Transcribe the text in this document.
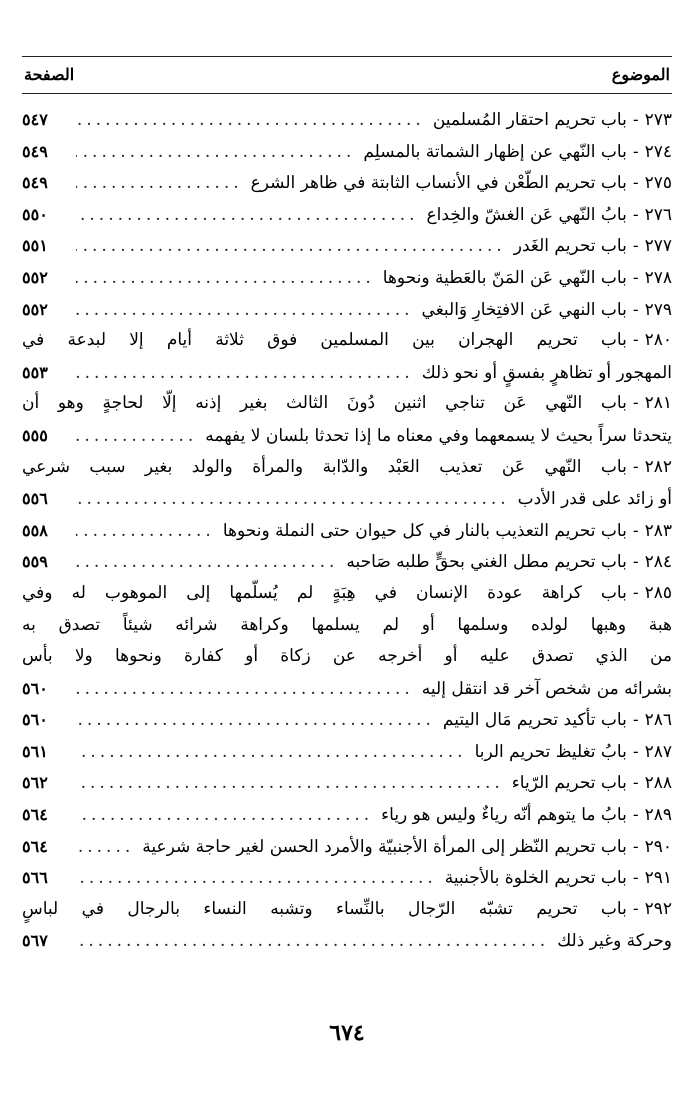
الموضوع
الصفحة
٢٧٣
-
باب تحريم احتقار المُسلمين
.....
٥٤٧
٢٧٤
-
باب النّهي عن إظهار الشماتة بالمسلِم
.....
٥٤٩
٢٧٥
-
باب تحريم الطّعْن في الأنساب الثابتة في ظاهر الشرع
.....
٥٤٩
٢٧٦
-
بابُ النّهي عَن الغشّ والخِداع
.....
٥٥٠
٢٧٧
-
باب تحريم الغَدر
.....
٥٥١
٢٧٨
-
باب النّهي عَن المَنّ بالعَطية ونحوها
.....
٥٥٢
٢٧٩
-
باب النهي عَن الافتِخارِ وَالبغي
.....
٥٥٢
٢٨٠
-
باب تحريم الهجران بين المسلمين فوق ثلاثة أيام إلا لبدعة في
المهجور أو تظاهرٍ بفسقٍ أو نحو ذلك
.....
٥٥٣
٢٨١
-
باب النّهي عَن تناجي اثنين دُونَ الثالث بغير إذنه إلّا لحاجةٍ وهو أن
يتحدثا سراً بحيث لا يسمعهما وفي معناه ما إذا تحدثا بلسان لا يفهمه
.....
٥٥٥
٢٨٢
-
باب النّهي عَن تعذيب العَبْد والدّابة والمرأة والولد بغير سبب شرعي
أو زائد على قدر الأدب
.....
٥٥٦
٢٨٣
-
باب تحريم التعذيب بالنار في كل حيوان حتى النملة ونحوها
.....
٥٥٨
٢٨٤
-
باب تحريم مطل الغني بحقٍّ طلبه صَاحبه
.....
٥٥٩
٢٨٥
-
باب كراهة عودة الإنسان في هِبَةٍ لم يُسلّمها إلى الموهوب له وفي
هبة وهبها لولده وسلمها أو لم يسلمها وكراهة شرائه شيئاً تصدق به
من الذي تصدق عليه أو أخرجه عن زكاة أو كفارة ونحوها ولا بأس
بشرائه من شخص آخر قد انتقل إليه
.....
٥٦٠
٢٨٦
-
باب تأكيد تحريم مَال اليتيم
.....
٥٦٠
٢٨٧
-
بابُ تغليظ تحريم الربا
.....
٥٦١
٢٨٨
-
باب تحريم الرّياء
.....
٥٦٢
٢٨٩
-
بابُ ما يتوهم أنّه رياءٌ وليس هو رياء
.....
٥٦٤
٢٩٠
-
باب تحريم النّظر إلى المرأة الأجنبيّة والأمرد الحسن لغير حاجة شرعية
.....
٥٦٤
٢٩١
-
باب تحريم الخلوة بالأجنبية
.....
٥٦٦
٢٩٢
-
باب تحريم تشبّه الرّجال بالنِّساء وتشبه النساء بالرجال في لباسٍ
وحركة وغير ذلك
.....
٥٦٧
٦٧٤
